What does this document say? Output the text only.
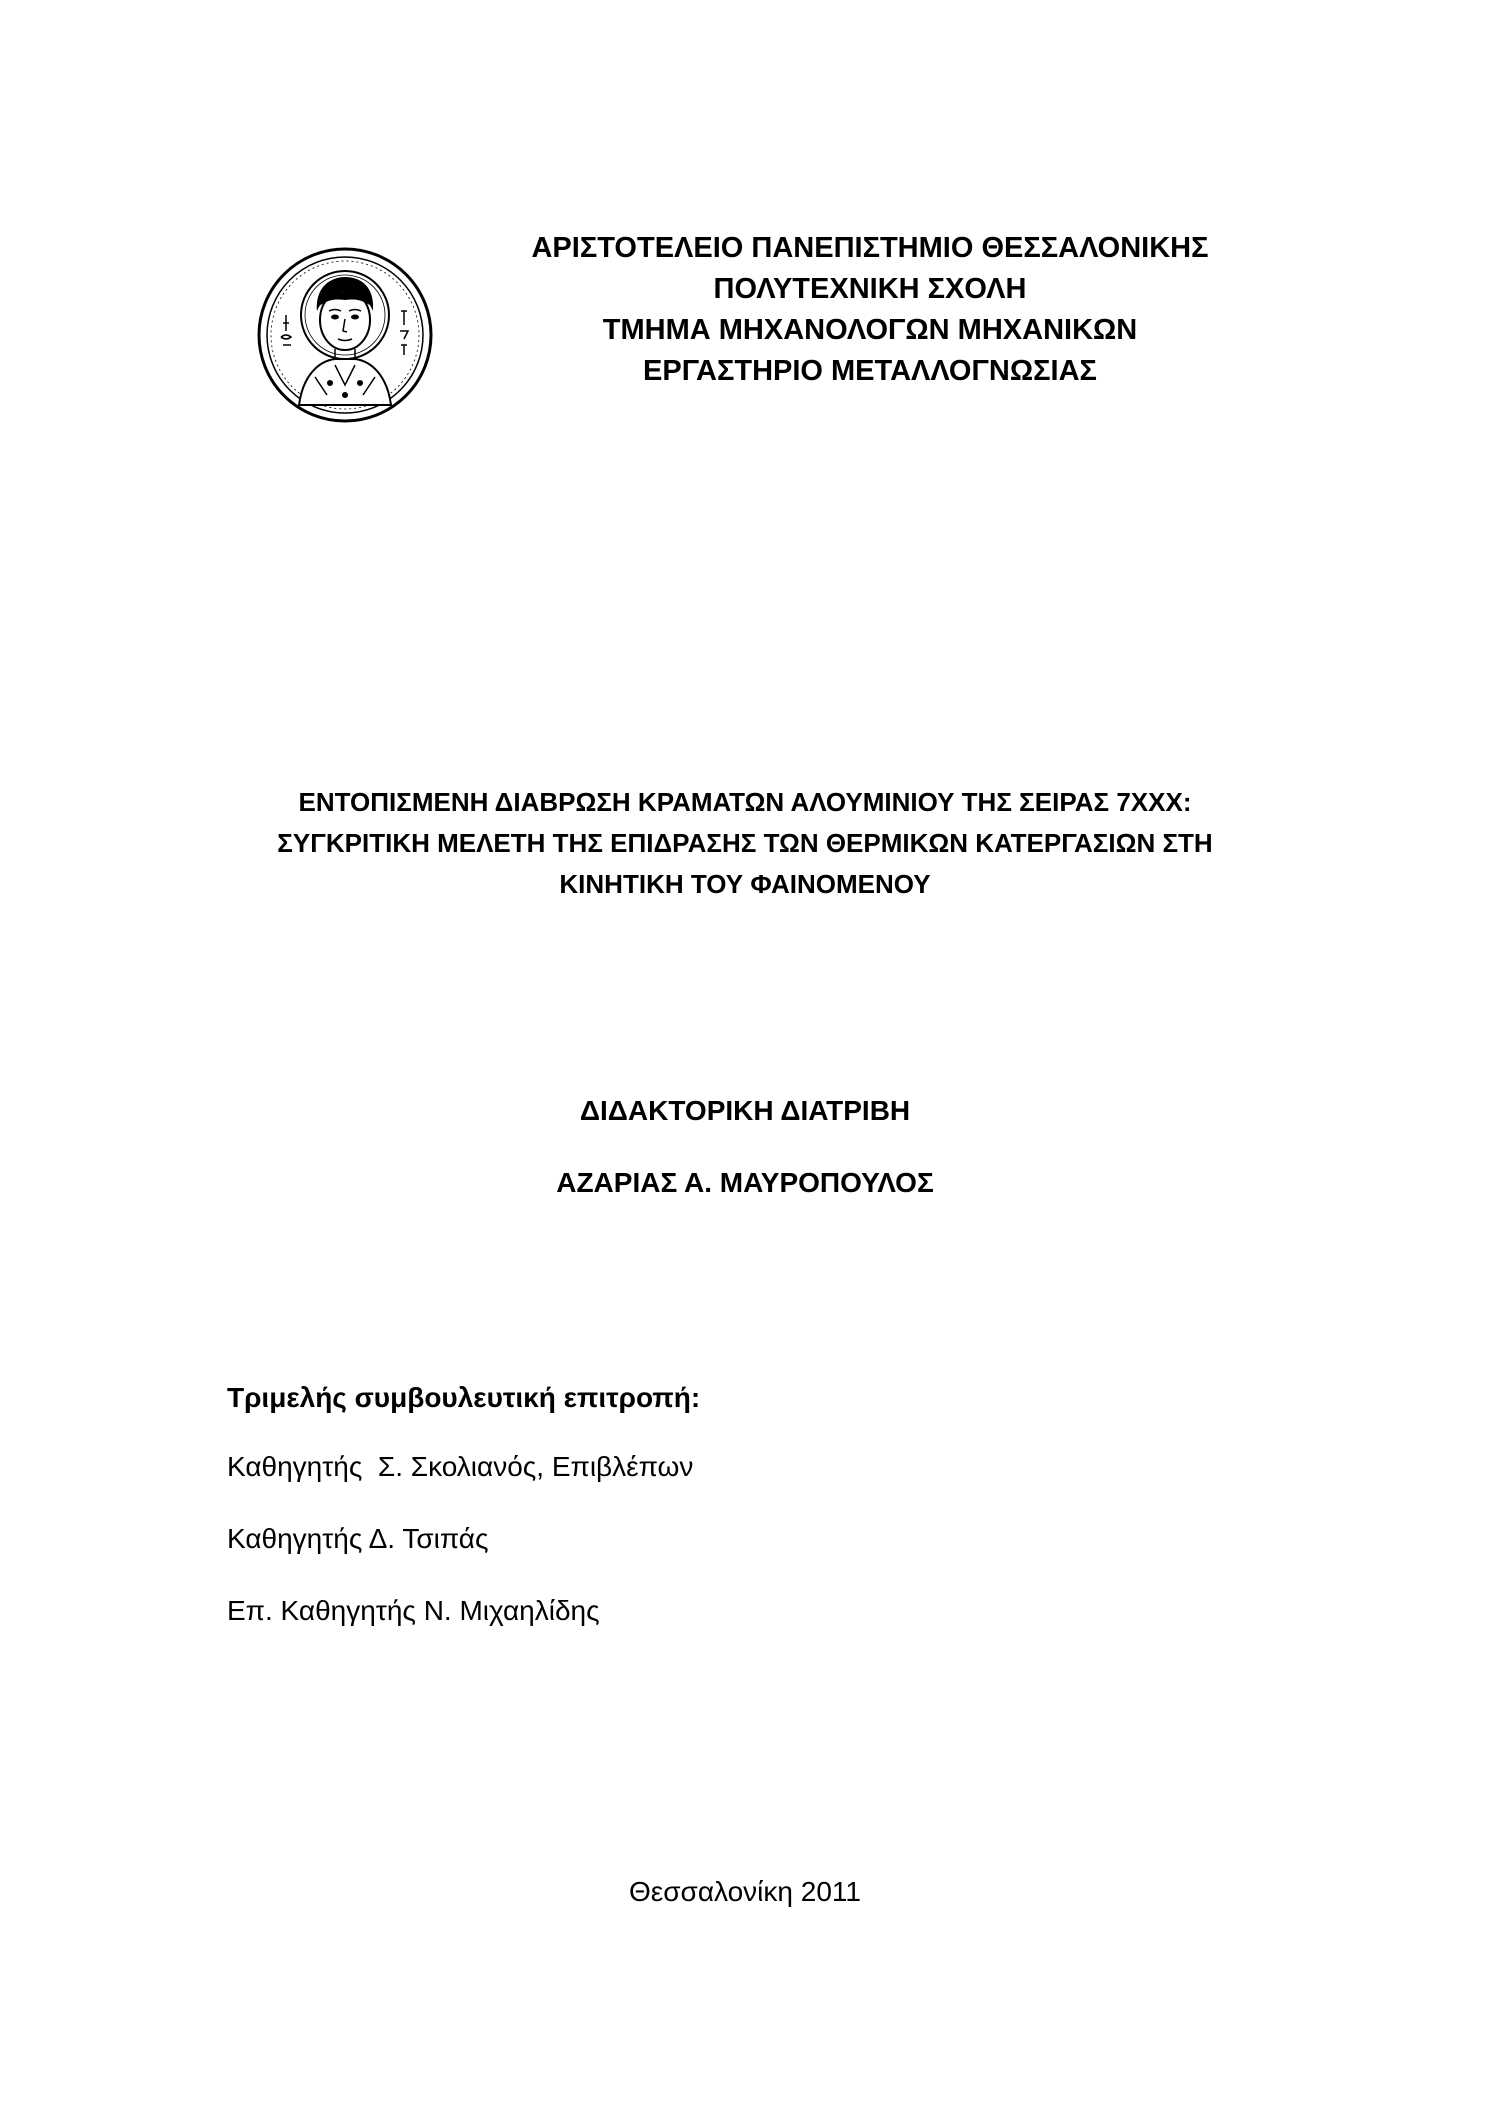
ΑΡΙΣΤΟΤΕΛΕΙΟ ΠΑΝΕΠΙΣΤΗΜΙΟ ΘΕΣΣΑΛΟΝΙΚΗΣ
ΠΟΛΥΤΕΧΝΙΚΗ ΣΧΟΛΗ
ΤΜΗΜΑ ΜΗΧΑΝΟΛΟΓΩΝ ΜΗΧΑΝΙΚΩΝ
ΕΡΓΑΣΤΗΡΙΟ ΜΕΤΑΛΛΟΓΝΩΣΙΑΣ
ΕΝΤΟΠΙΣΜΕΝΗ ΔΙΑΒΡΩΣΗ ΚΡΑΜΑΤΩΝ ΑΛΟΥΜΙΝΙΟΥ ΤΗΣ ΣΕΙΡΑΣ 7ΧΧΧ:
ΣΥΓΚΡΙΤΙΚΗ ΜΕΛΕΤΗ ΤΗΣ ΕΠΙΔΡΑΣΗΣ ΤΩΝ ΘΕΡΜΙΚΩΝ ΚΑΤΕΡΓΑΣΙΩΝ ΣΤΗ
ΚΙΝΗΤΙΚΗ ΤΟΥ ΦΑΙΝΟΜΕΝΟΥ
ΔΙΔΑΚΤΟΡΙΚΗ ΔΙΑΤΡΙΒΗ
ΑΖΑΡΙΑΣ Α. ΜΑΥΡΟΠΟΥΛΟΣ
Τριμελής συμβουλευτική επιτροπή:
Καθηγητής  Σ. Σκολιανός, Επιβλέπων
Καθηγητής Δ. Τσιπάς
Επ. Καθηγητής Ν. Μιχαηλίδης
Θεσσαλονίκη 2011
